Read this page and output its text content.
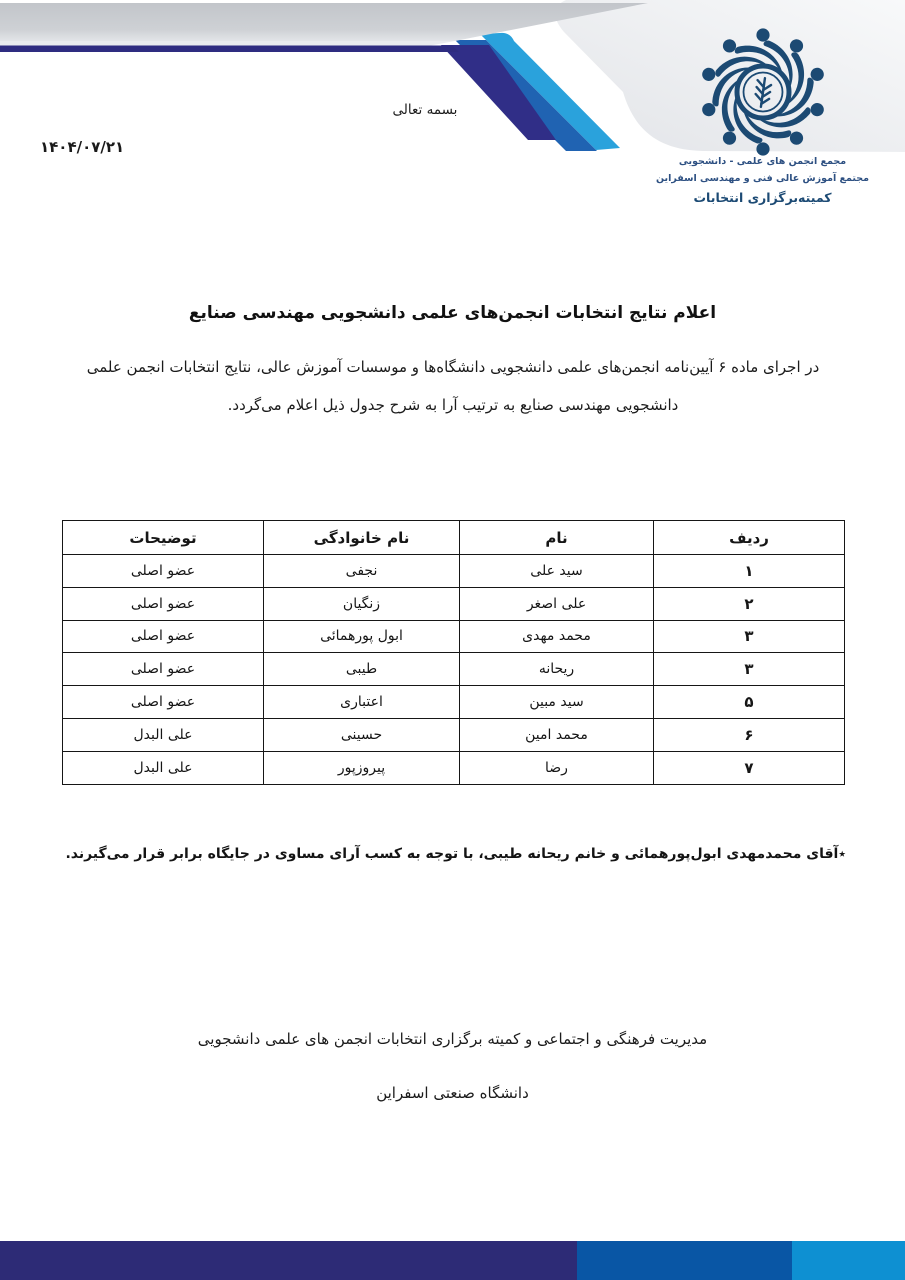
بسمه تعالی
۱۴۰۴/۰۷/۲۱
مجمع انجمن های علمی - دانشجویی
مجتمع آموزش عالی فنی و مهندسی اسفراین
کمیته‌برگزاری انتخابات
اعلام نتایج انتخابات انجمن‌های علمی دانشجویی مهندسی صنایع
در اجرای ماده ۶ آیین‌نامه انجمن‌های علمی دانشجویی دانشگاه‌ها و موسسات آموزش عالی، نتایج انتخابات انجمن علمی
دانشجویی مهندسی صنایع به ترتیب آرا به شرح جدول ذیل اعلام می‌گردد.
ردیف	نام	نام خانوادگی	توضیحات
۱	سید علی	نجفی	عضو اصلی
۲	علی اصغر	زنگیان	عضو اصلی
۳	محمد مهدی	ابول پورهمائی	عضو اصلی
۳	ریحانه	طیبی	عضو اصلی
۵	سید مبین	اعتباری	عضو اصلی
۶	محمد امین	حسینی	علی البدل
۷	رضا	پیروزپور	علی البدل
٭آقای محمدمهدی ابول‌پورهمائی و خانم ریحانه طیبی، با توجه به کسب آرای مساوی در جایگاه برابر قرار می‌گیرند.
مدیریت فرهنگی و اجتماعی و کمیته برگزاری انتخابات انجمن های علمی دانشجویی
دانشگاه صنعتی اسفراین
